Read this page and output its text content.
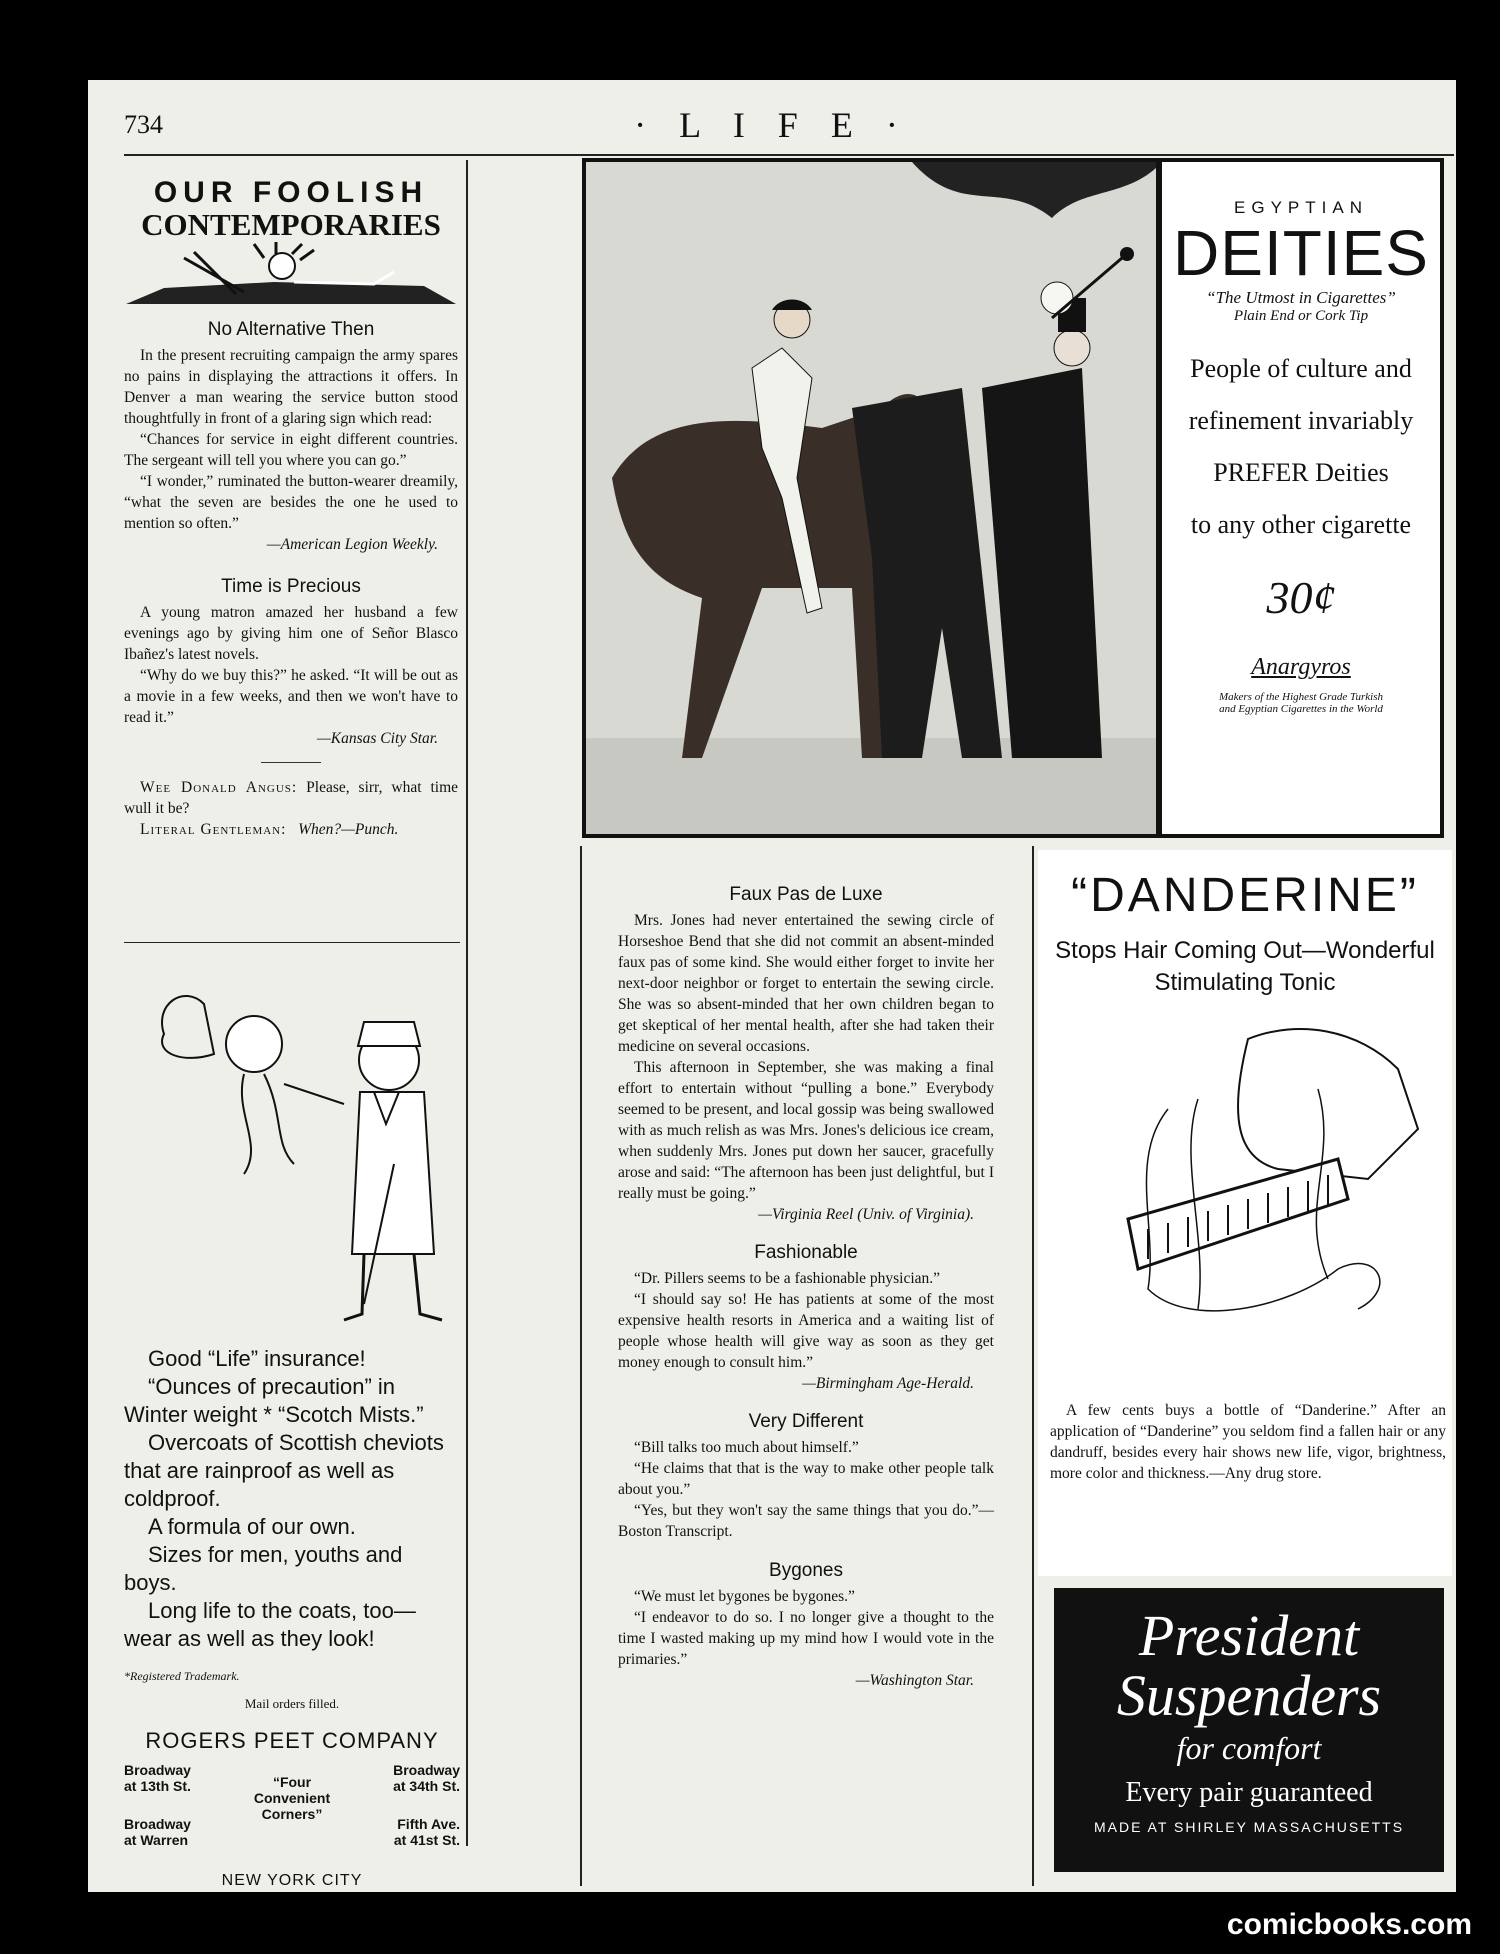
734	· L I F E ·
OUR FOOLISH
CONTEMPORARIES
No Alternative Then

In the present recruiting campaign the army spares no pains in displaying the attractions it offers. In Denver a man wearing the service button stood thoughtfully in front of a glaring sign which read:

“Chances for service in eight different countries. The sergeant will tell you where you can go.”

“I wonder,” ruminated the button-wearer dreamily, “what the seven are besides the one he used to mention so often.”

—American Legion Weekly.
Time is Precious

A young matron amazed her husband a few evenings ago by giving him one of Señor Blasco Ibañez's latest novels.

“Why do we buy this?” he asked. “It will be out as a movie in a few weeks, and then we won't have to read it.”

—Kansas City Star.

Wee Donald Angus: Please, sirr, what time wull it be?

Literal Gentleman: When?—Punch.

EGYPTIAN
DEITIES
“The Utmost in Cigarettes”
Plain End or Cork Tip
People of culture and
refinement invariably
PREFER Deities
to any other cigarette
30¢
Anargyros
Makers of the Highest Grade Turkish
and Egyptian Cigarettes in the World
Good “Life” insurance!
“Ounces of precaution” in Winter weight * “Scotch Mists.”
Overcoats of Scottish cheviots that are rainproof as well as coldproof.
A formula of our own.
Sizes for men, youths and boys.
Long life to the coats, too—wear as well as they look!
*Registered Trademark.
Mail orders filled.
ROGERS PEET COMPANY
Broadway
at 13th St.
Broadway
at 34th St.
Broadway
at Warren
Fifth Ave.
at 41st St.
“Four
Convenient
Corners”
NEW YORK CITY
Faux Pas de Luxe

Mrs. Jones had never entertained the sewing circle of Horseshoe Bend that she did not commit an absent-minded faux pas of some kind. She would either forget to invite her next-door neighbor or forget to entertain the sewing circle. She was so absent-minded that her own children began to get skeptical of her mental health, after she had taken their medicine on several occasions.

This afternoon in September, she was making a final effort to entertain without “pulling a bone.” Everybody seemed to be present, and local gossip was being swallowed with as much relish as was Mrs. Jones's delicious ice cream, when suddenly Mrs. Jones put down her saucer, gracefully arose and said: “The afternoon has been just delightful, but I really must be going.”

—Virginia Reel (Univ. of Virginia).
Fashionable

“Dr. Pillers seems to be a fashionable physician.”

“I should say so! He has patients at some of the most expensive health resorts in America and a waiting list of people whose health will give way as soon as they get money enough to consult him.”

—Birmingham Age-Herald.
Very Different

“Bill talks too much about himself.”

“He claims that that is the way to make other people talk about you.”

“Yes, but they won't say the same things that you do.”—Boston Transcript.

Bygones

“We must let bygones be bygones.”

“I endeavor to do so. I no longer give a thought to the time I wasted making up my mind how I would vote in the primaries.”

—Washington Star.
“DANDERINE”
Stops Hair Coming Out—Wonderful Stimulating Tonic

A few cents buys a bottle of “Danderine.” After an application of “Danderine” you seldom find a fallen hair or any dandruff, besides every hair shows new life, vigor, brightness, more color and thickness.—Any drug store.

President
Suspenders
for comfort
Every pair guaranteed
MADE AT SHIRLEY MASSACHUSETTS
comicbooks.com
